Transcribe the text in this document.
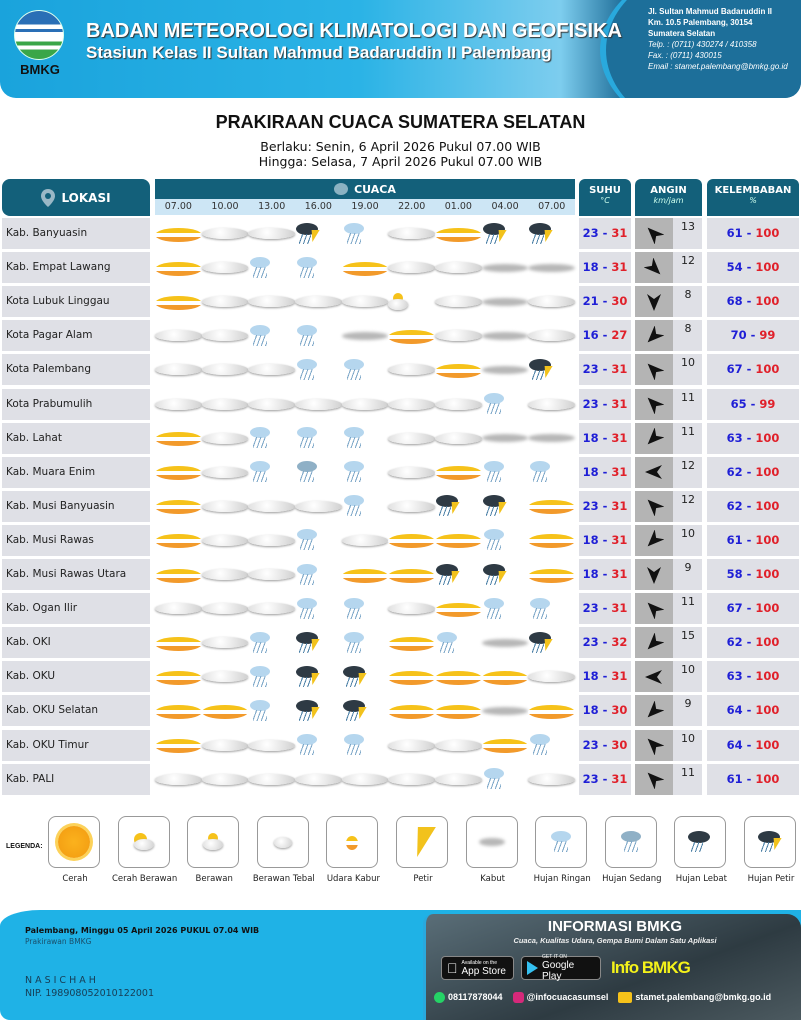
BMKG
BADAN METEOROLOGI KLIMATOLOGI DAN GEOFISIKA
Stasiun Kelas II Sultan Mahmud Badaruddin II Palembang
Jl. Sultan Mahmud Badaruddin II
Km. 10.5 Palembang, 30154
Sumatera Selatan
Telp. : (0711) 430274 / 410358
Fax. : (0711) 430015
Email : stamet.palembang@bmkg.go.id
PRAKIRAAN CUACA SUMATERA SELATAN
Berlaku: Senin, 6 April 2026 Pukul 07.00 WIB
Hingga: Selasa, 7 April 2026 Pukul 07.00 WIB
LOKASI
CUACA
07.00	10.00	13.00	16.00	19.00	22.00	01.00	04.00	07.00
SUHU
°C
ANGIN
km/jam
KELEMBABAN
%
Kab. Banyuasin	23 - 31	13	61 - 100
Kab. Empat Lawang	18 - 31	12	54 - 100
Kota Lubuk Linggau	21 - 30	8	68 - 100
Kota Pagar Alam	16 - 27	8	70 - 99
Kota Palembang	23 - 31	10	67 - 100
Kota Prabumulih	23 - 31	11	65 - 99
Kab. Lahat	18 - 31	11	63 - 100
Kab. Muara Enim	18 - 31	12	62 - 100
Kab. Musi Banyuasin	23 - 31	12	62 - 100
Kab. Musi Rawas	18 - 31	10	61 - 100
Kab. Musi Rawas Utara	18 - 31	9	58 - 100
Kab. Ogan Ilir	23 - 31	11	67 - 100
Kab. OKI	23 - 32	15	62 - 100
Kab. OKU	18 - 31	10	63 - 100
Kab. OKU Selatan	18 - 30	9	64 - 100
Kab. OKU Timur	23 - 30	10	64 - 100
Kab. PALI	23 - 31	11	61 - 100
LEGENDA:
Cerah	Cerah Berawan	Berawan	Berawan Tebal	Udara Kabur	Petir	Kabut	Hujan Ringan	Hujan Sedang	Hujan Lebat	Hujan Petir
Palembang, Minggu 05 April 2026 PUKUL 07.04 WIB
Prakirawan BMKG
NASICHAH
NIP. 198908052010122001
INFORMASI BMKG
Cuaca, Kualitas Udara, Gempa Bumi Dalam Satu Aplikasi
Available on the
App Store
GET IT ON
Google Play	Info BMKG
08117878044	@infocuacasumsel	stamet.palembang@bmkg.go.id
